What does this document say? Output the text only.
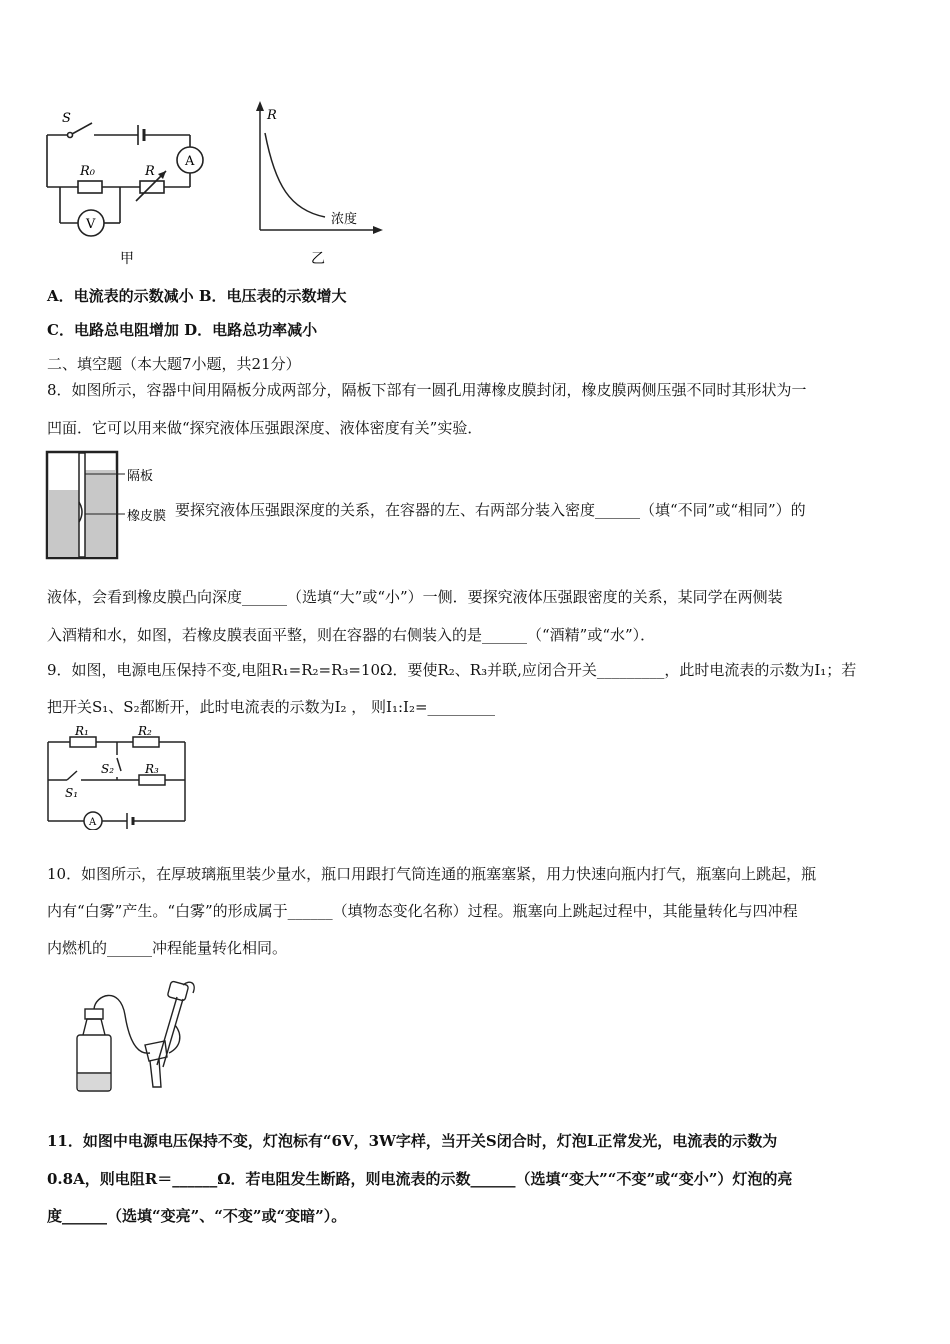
S
A
R₀	R
V
甲
R
浓度
乙
A．电流表的示数减小 B．电压表的示数增大
C．电路总电阻增加 D．电路总功率减小
二、填空题（本大题7小题，共21分）
8．如图所示，容器中间用隔板分成两部分，隔板下部有一圆孔用薄橡皮膜封闭，橡皮膜两侧压强不同时其形状为一
凹面．它可以用来做“探究液体压强跟深度、液体密度有关”实验．
隔板
橡皮膜 要探究液体压强跟深度的关系，在容器的左、右两部分装入密度______（填“不同”或“相同”）的
液体，会看到橡皮膜凸向深度______（选填“大”或“小”）一侧．要探究液体压强跟密度的关系，某同学在两侧装
入酒精和水，如图，若橡皮膜表面平整，则在容器的右侧装入的是______（“酒精”或“水”）．
9．如图，电源电压保持不变,电阻R₁=R₂=R₃=10Ω．要使R₂、R₃并联,应闭合开关_________，此时电流表的示数为I₁；若
把开关S₁、S₂都断开，此时电流表的示数为I₂ ， 则I₁:I₂=_________
R₁	R₂
R₃
S₂
S₁
A
10．如图所示，在厚玻璃瓶里装少量水，瓶口用跟打气筒连通的瓶塞塞紧，用力快速向瓶内打气，瓶塞向上跳起，瓶
内有“白雾”产生。“白雾”的形成属于______（填物态变化名称）过程。瓶塞向上跳起过程中，其能量转化与四冲程
内燃机的______冲程能量转化相同。
11．如图中电源电压保持不变，灯泡标有“6V，3W字样，当开关S闭合时，灯泡L正常发光，电流表的示数为
0.8A，则电阻R＝______Ω．若电阻发生断路，则电流表的示数______（选填“变大”“不变”或“变小”）灯泡的亮
度______（选填“变亮”、“不变”或“变暗”）。
